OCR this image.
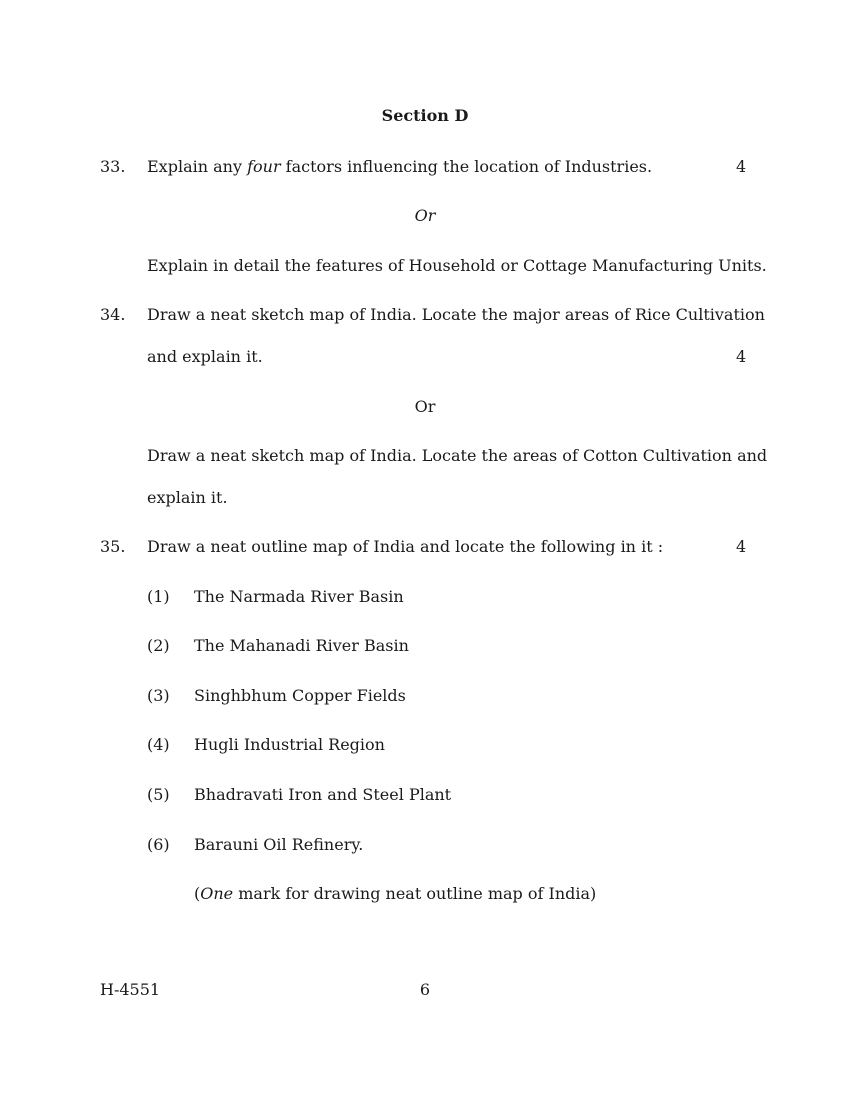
Section D
33. Explain any four factors influencing the location of Industries.	4
Or
Explain in detail the features of Household or Cottage Manufacturing Units.
34. Draw a neat sketch map of India. Locate the major areas of Rice Cultivation
and explain it.	4
Or
Draw a neat sketch map of India. Locate the areas of Cotton Cultivation and
explain it.
35. Draw a neat outline map of India and locate the following in it :	4
(1) The Narmada River Basin
(2) The Mahanadi River Basin
(3) Singhbhum Copper Fields
(4) Hugli Industrial Region
(5) Bhadravati Iron and Steel Plant
(6) Barauni Oil Refinery.
(One mark for drawing neat outline map of India)
H-4551	6
